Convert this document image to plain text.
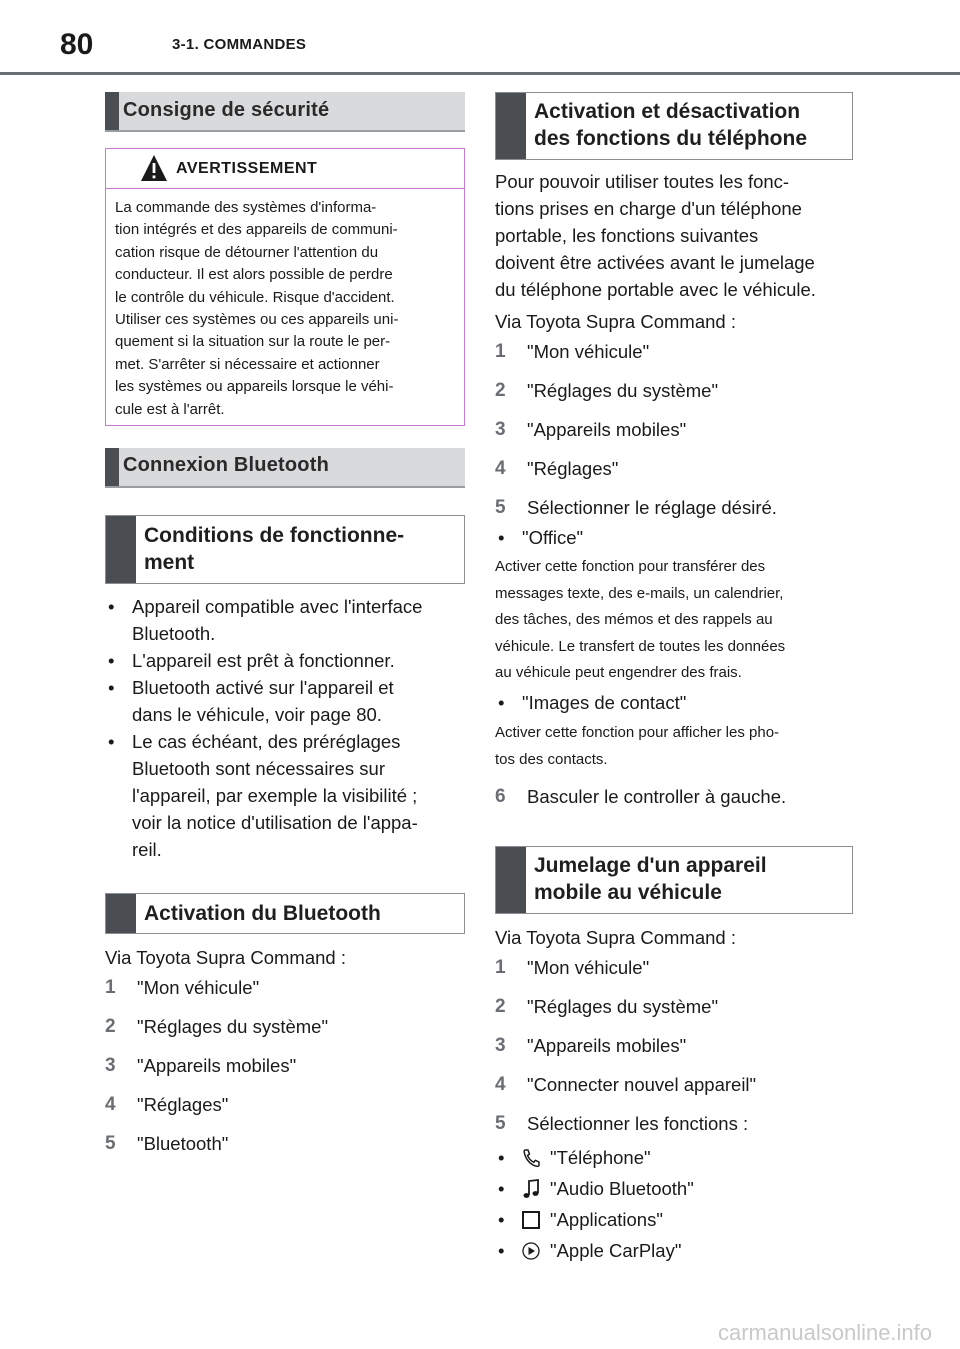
80	3-1. COMMANDES
Consigne de sécurité
AVERTISSEMENT

La commande des systèmes d'informa-
tion intégrés et des appareils de communi-
cation risque de détourner l'attention du
conducteur. Il est alors possible de perdre
le contrôle du véhicule. Risque d'accident.
Utiliser ces systèmes ou ces appareils uni-
quement si la situation sur la route le per-
met. S'arrêter si nécessaire et actionner
les systèmes ou appareils lorsque le véhi-
cule est à l'arrêt.

Connexion Bluetooth
Conditions de fonctionne-
ment
• Appareil compatible avec l'interface
Bluetooth.
• L'appareil est prêt à fonctionner.
• Bluetooth activé sur l'appareil et
dans le véhicule, voir page 80.
• Le cas échéant, des préréglages
Bluetooth sont nécessaires sur
l'appareil, par exemple la visibilité ;
voir la notice d'utilisation de l'appa-
reil.
Activation du Bluetooth

Via Toyota Supra Command :

1 "Mon véhicule"
2 "Réglages du système"
3 "Appareils mobiles"
4 "Réglages"
5 "Bluetooth"
Activation et désactivation
des fonctions du téléphone

Pour pouvoir utiliser toutes les fonc-
tions prises en charge d'un téléphone
portable, les fonctions suivantes
doivent être activées avant le jumelage
du téléphone portable avec le véhicule.

Via Toyota Supra Command :

1 "Mon véhicule"
2 "Réglages du système"
3 "Appareils mobiles"
4 "Réglages"
5 Sélectionner le réglage désiré.
• "Office"

Activer cette fonction pour transférer des
messages texte, des e-mails, un calendrier,
des tâches, des mémos et des rappels au
véhicule. Le transfert de toutes les données
au véhicule peut engendrer des frais.

• "Images de contact"

Activer cette fonction pour afficher les pho-
tos des contacts.

6 Basculer le controller à gauche.
Jumelage d'un appareil
mobile au véhicule

Via Toyota Supra Command :

1 "Mon véhicule"
2 "Réglages du système"
3 "Appareils mobiles"
4 "Connecter nouvel appareil"
5 Sélectionner les fonctions :
• "Téléphone"
• "Audio Bluetooth"
• "Applications"
• "Apple CarPlay"
carmanualsonline.info
